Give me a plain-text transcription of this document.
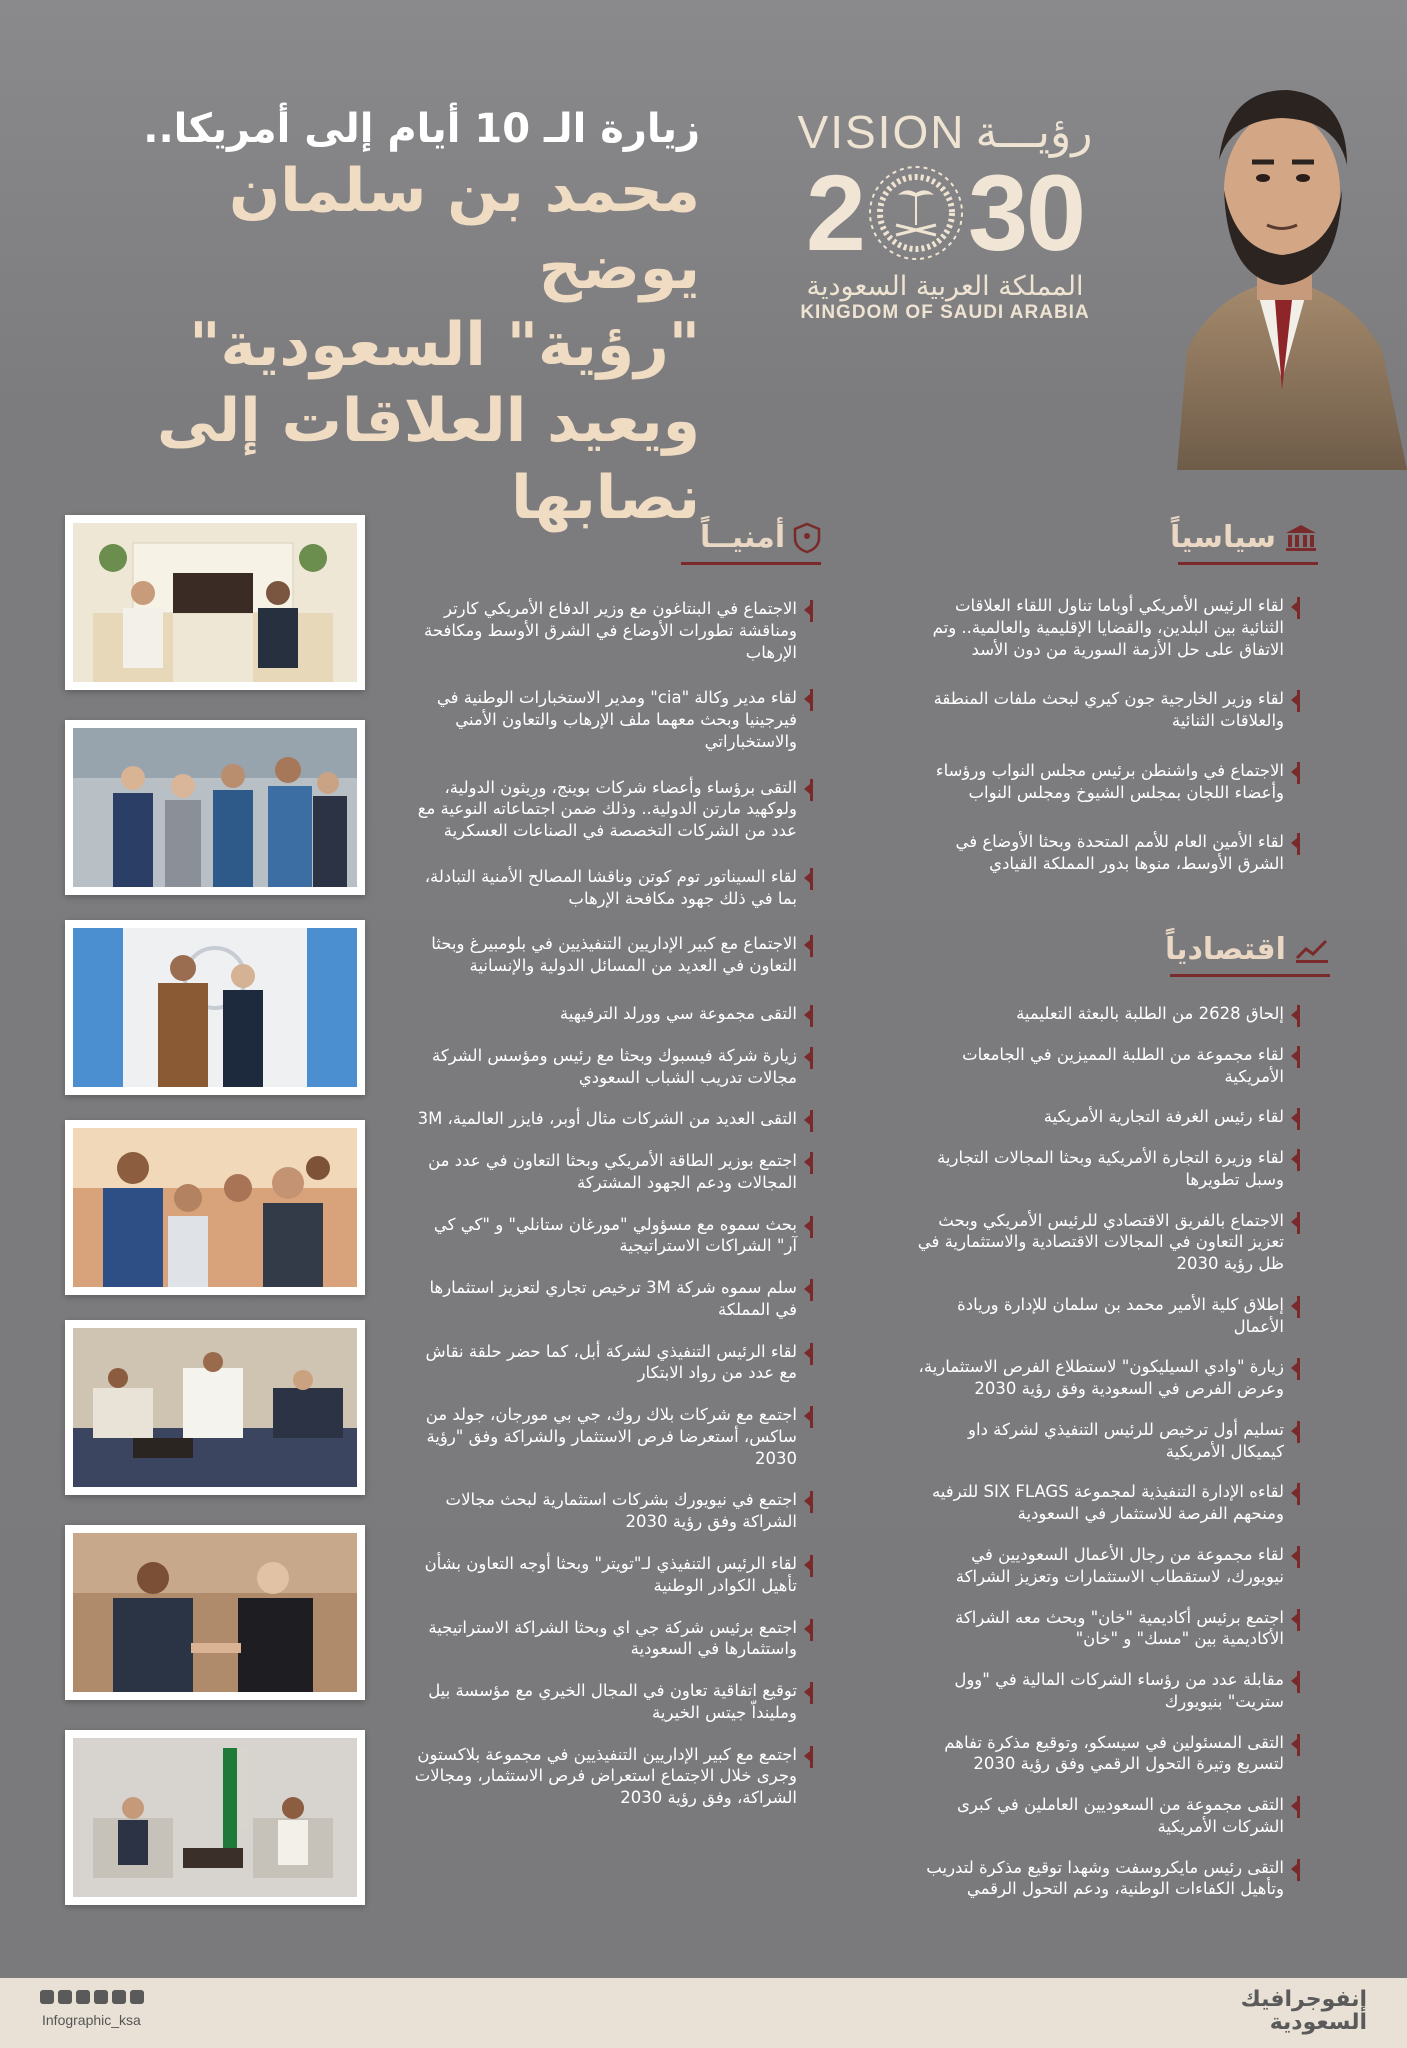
VISION رؤيـــة
2 30
المملكة العربية السعودية
KINGDOM OF SAUDI ARABIA
زيارة الـ 10 أيام إلى أمريكا..
محمد بن سلمان يوضح
"رؤية" السعودية"
ويعيد العلاقات إلى نصابها
سياسياً
أمنيــاً
اقتصادياً
لقاء الرئيس الأمريكي أوباما تناول اللقاء العلاقات الثنائية بين البلدين، والقضايا الإقليمية والعالمية.. وتم الاتفاق على حل الأزمة السورية من دون الأسد
لقاء وزير الخارجية جون كيري لبحث ملفات المنطقة والعلاقات الثنائية
الاجتماع في واشنطن برئيس مجلس النواب ورؤساء وأعضاء اللجان بمجلس الشيوخ ومجلس النواب
لقاء الأمين العام للأمم المتحدة وبحثا الأوضاع في الشرق الأوسط، منوها بدور المملكة القيادي
الاجتماع في البنتاغون مع وزير الدفاع الأمريكي كارتر ومناقشة تطورات الأوضاع في الشرق الأوسط ومكافحة الإرهاب
لقاء مدير وكالة "cia" ومدير الاستخبارات الوطنية في فيرجينيا وبحث معهما ملف الإرهاب والتعاون الأمني والاستخباراتي
التقى برؤساء وأعضاء شركات بوينج، ورِيثون الدولية، ولوكهيد مارتن الدولية.. وذلك ضمن اجتماعاته النوعية مع عدد من الشركات التخصصة في الصناعات العسكرية
لقاء السيناتور توم كوتن وناقشا المصالح الأمنية التبادلة، بما في ذلك جهود مكافحة الإرهاب
الاجتماع مع كبير الإداريين التنفيذيين في بلومبيرغ وبحثا التعاون في العديد من المسائل الدولية والإنسانية
إلحاق 2628 من الطلبة بالبعثة التعليمية
لقاء مجموعة من الطلبة المميزين في الجامعات الأمريكية
لقاء رئيس الغرفة التجارية الأمريكية
لقاء وزيرة التجارة الأمريكية وبحثا المجالات التجارية وسبل تطويرها
الاجتماع بالفريق الاقتصادي للرئيس الأمريكي وبحث تعزيز التعاون في المجالات الاقتصادية والاستثمارية في ظل رؤية 2030
إطلاق كلية الأمير محمد بن سلمان للإدارة وريادة الأعمال
زيارة "وادي السيليكون" لاستطلاع الفرص الاستثمارية، وعرض الفرص في السعودية وفق رؤية 2030
تسليم أول ترخيص للرئيس التنفيذي لشركة داو كيميكال الأمريكية
لقاءه الإدارة التنفيذية لمجموعة SIX FLAGS للترفيه ومنحهم الفرصة للاستثمار في السعودية
لقاء مجموعة من رجال الأعمال السعوديين في نيويورك، لاستقطاب الاستثمارات وتعزيز الشراكة
اجتمع برئيس أكاديمية "خان" وبحث معه الشراكة الأكاديمية بين "مسك" و "خان"
مقابلة عدد من رؤساء الشركات المالية في "وول ستريت" بنيويورك
التقى المسئولين في سيسكو، وتوقيع مذكرة تفاهم لتسريع وتيرة التحول الرقمي وفق رؤية 2030
التقى مجموعة من السعوديين العاملين في كبرى الشركات الأمريكية
التقى رئيس مايكروسفت وشهدا توقيع مذكرة لتدريب وتأهيل الكفاءات الوطنية، ودعم التحول الرقمي
التقى مجموعة سي وورلد الترفيهية
زيارة شركة فيسبوك وبحثا مع رئيس ومؤسس الشركة مجالات تدريب الشباب السعودي
التقى العديد من الشركات مثال أوبر، فايزر العالمية، 3M
اجتمع بوزير الطاقة الأمريكي وبحثا التعاون في عدد من المجالات ودعم الجهود المشتركة
بحث سموه مع مسؤولي "مورغان ستانلي" و "كي كي آر" الشراكات الاستراتيجية
سلم سموه شركة 3M ترخيص تجاري لتعزيز استثمارها في المملكة
لقاء الرئيس التنفيذي لشركة أبل، كما حضر حلقة نقاش مع عدد من رواد الابتكار
اجتمع مع شركات بلاك روك، جي بي مورجان، جولد من ساكس، أستعرضا فرص الاستثمار والشراكة وفق "رؤية 2030
اجتمع في نيويورك بشركات استثمارية لبحث مجالات الشراكة وفق رؤية 2030
لقاء الرئيس التنفيذي لـ"تويتر" وبحثا أوجه التعاون بشأن تأهيل الكوادر الوطنية
اجتمع برئيس شركة جي اي وبحثا الشراكة الاستراتيجية واستثمارها في السعودية
توقيع اتفاقية تعاون في المجال الخيري مع مؤسسة بيل وملينداّ جيتس الخيرية
اجتمع مع كبير الإداريين التنفيذيين في مجموعة بلاكستون وجرى خلال الاجتماع استعراض فرص الاستثمار، ومجالات الشراكة، وفق رؤية 2030
Infographic_ksa
إنفوجرافيك
السعودية
